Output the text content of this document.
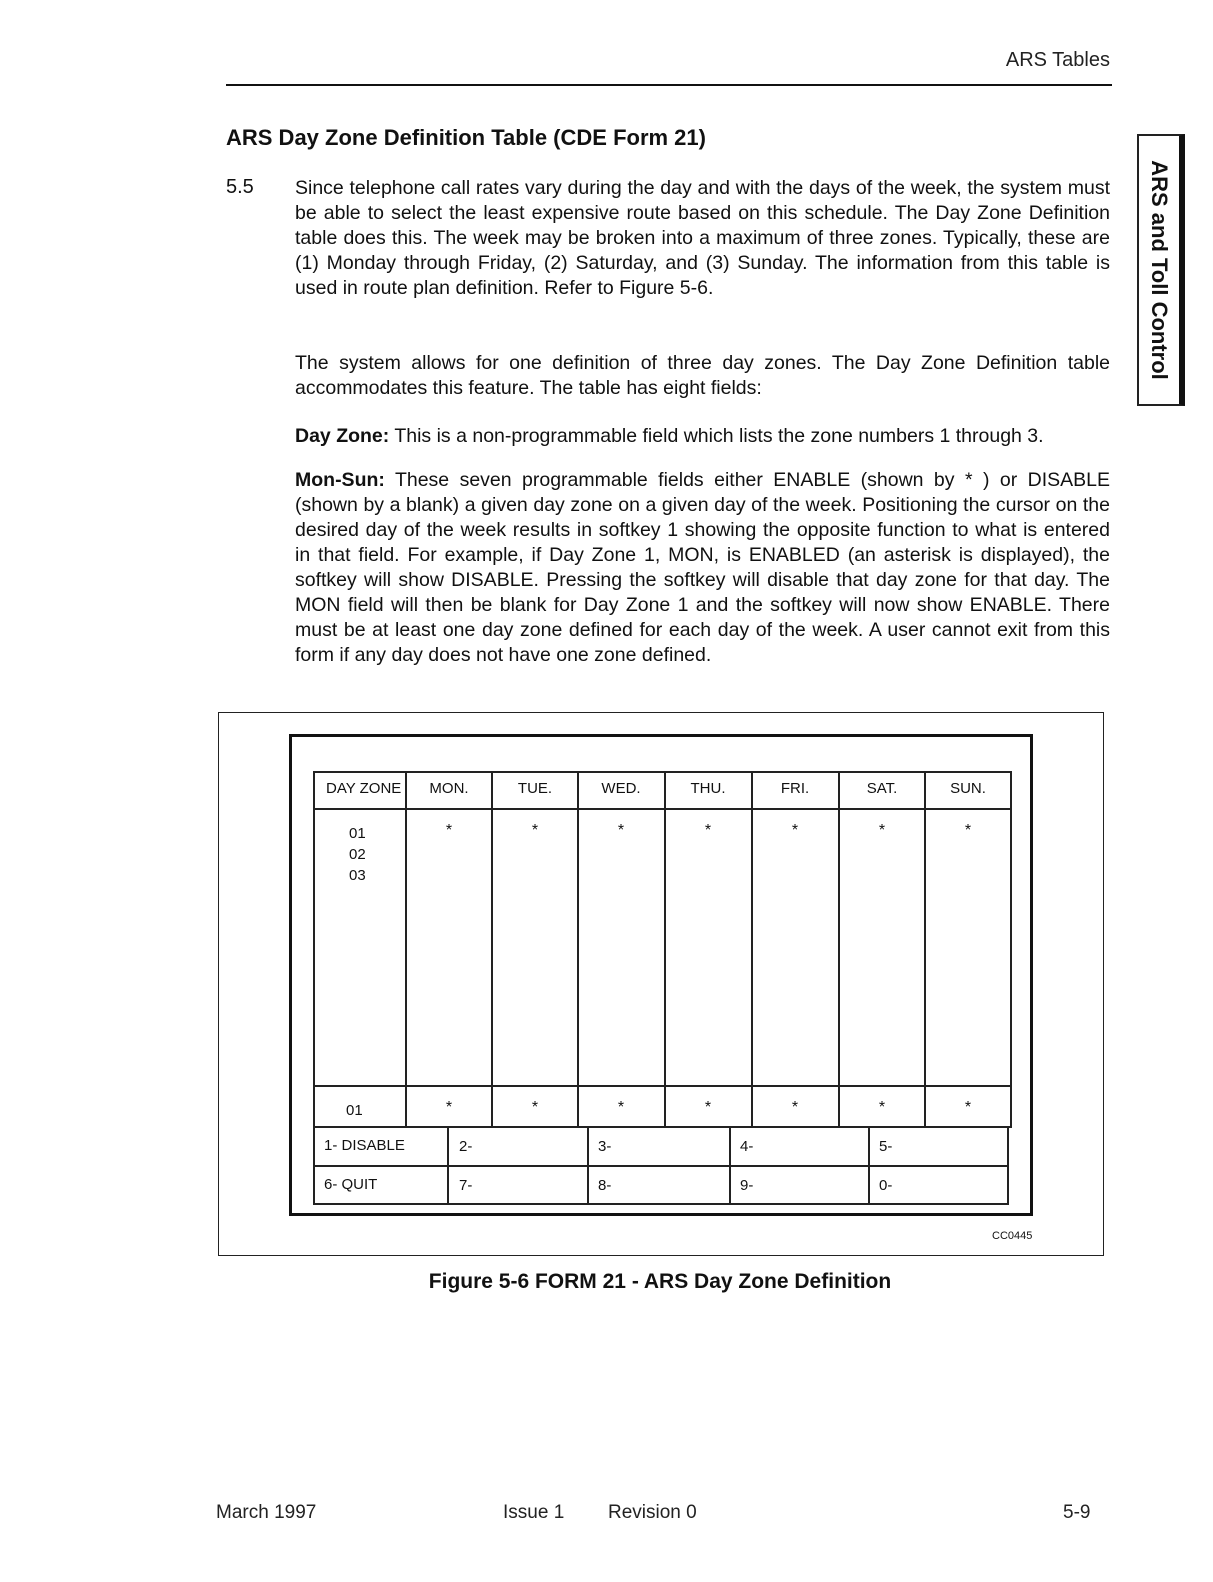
ARS Tables
ARS Day Zone Definition Table (CDE Form 21)
ARS and Toll Control
5.5 Since telephone call rates vary during the day and with the days of the week, the system must be able to select the least expensive route based on this schedule. The Day Zone Definition table does this. The week may be broken into a maximum of three zones. Typically, these are (1) Monday through Friday, (2) Saturday, and (3) Sunday. The information from this table is used in route plan definition. Refer to Figure 5-6.
The system allows for one definition of three day zones. The Day Zone Definition table accommodates this feature. The table has eight fields:
Day Zone: This is a non-programmable field which lists the zone numbers 1 through 3.
Mon-Sun: These seven programmable fields either ENABLE (shown by * ) or DISABLE (shown by a blank) a given day zone on a given day of the week. Positioning the cursor on the desired day of the week results in softkey 1 showing the opposite function to what is entered in that field. For example, if Day Zone 1, MON, is ENABLED (an asterisk is displayed), the softkey will show DISABLE. Pressing the softkey will disable that day zone for that day. The MON field will then be blank for Day Zone 1 and the softkey will now show ENABLE. There must be at least one day zone defined for each day of the week. A user cannot exit from this form if any day does not have one zone defined.
DAY ZONE	MON.	TUE.	WED.	THU.	FRI.	SAT.	SUN.
01
02
03
*	*	*	*	*	*	*
01	*	*	*	*	*	*	*
1- DISABLE	2-	3-	4-	5-
6- QUIT	7-	8-	9-	0-
CC0445
Figure 5-6 FORM 21 - ARS Day Zone Definition
March 1997	Issue 1 Revision 0	5-9
